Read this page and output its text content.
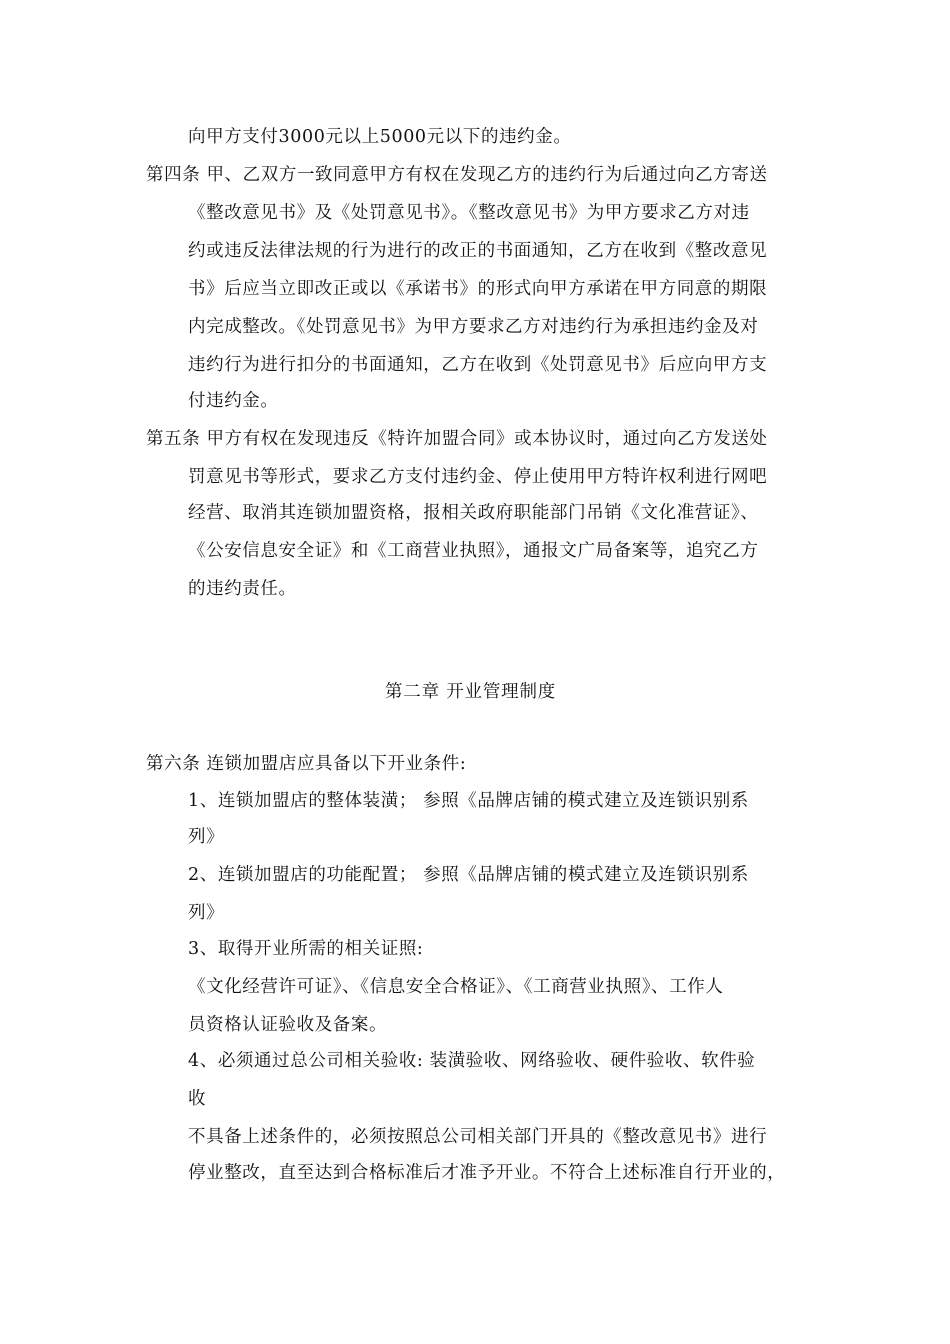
向甲方支付3000元以上5000元以下的违约金。
第四条 甲、乙双方一致同意甲方有权在发现乙方的违约行为后通过向乙方寄送
《整改意见书》及《处罚意见书》。《整改意见书》为甲方要求乙方对违
约或违反法律法规的行为进行的改正的书面通知，乙方在收到《整改意见
书》后应当立即改正或以《承诺书》的形式向甲方承诺在甲方同意的期限
内完成整改。《处罚意见书》为甲方要求乙方对违约行为承担违约金及对
违约行为进行扣分的书面通知，乙方在收到《处罚意见书》后应向甲方支
付违约金。
第五条 甲方有权在发现违反《特许加盟合同》或本协议时，通过向乙方发送处
罚意见书等形式，要求乙方支付违约金、停止使用甲方特许权利进行网吧
经营、取消其连锁加盟资格，报相关政府职能部门吊销《文化准营证》、
《公安信息安全证》和《工商营业执照》，通报文广局备案等，追究乙方
的违约责任。
第二章 开业管理制度
第六条 连锁加盟店应具备以下开业条件:
1、连锁加盟店的整体装潢； 参照《品牌店铺的模式建立及连锁识别系
列》
2、连锁加盟店的功能配置； 参照《品牌店铺的模式建立及连锁识别系
列》
3、取得开业所需的相关证照:
《文化经营许可证》、《信息安全合格证》、《工商营业执照》、工作人
员资格认证验收及备案。
4、必须通过总公司相关验收: 装潢验收、网络验收、硬件验收、软件验
收
不具备上述条件的，必须按照总公司相关部门开具的《整改意见书》进行
停业整改，直至达到合格标准后才准予开业。不符合上述标准自行开业的，
